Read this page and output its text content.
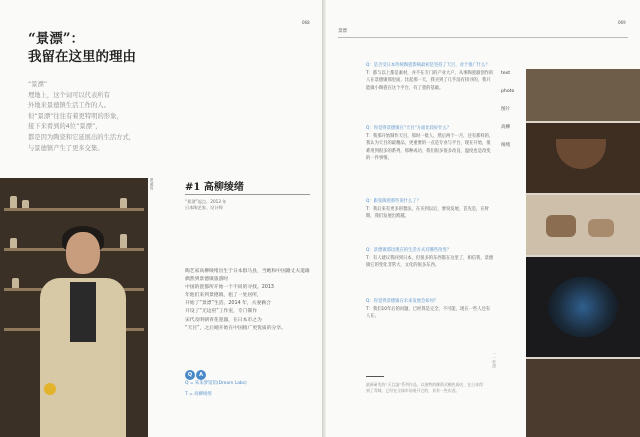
068
“景漂”：
我留在这里的理由
“景漂”
埋地上，这个词可以代表所有
外地来景德镇生活工作的人。
但“景漂”往往有着更特明的形象，
接下来看到的4位“景漂”，
都是因为陶瓷和它延展出的生活方式，
与景德镇产生了更多交集。
图/柳绮	#1 高柳绫绪
“景漂”起点，2013 年
日本陶艺家、设计师
陶艺家高柳绫绪出生于日本群马县，当她和中国籍丈夫道雄偶然到景德镇旅游时
中国的瓷都所开始一个不同的寻找。2013
年他们来到景德镇，租了一处居所，
开始了“景漂”生活。2014 年，夫妻俩合
开设了“无边窑”工作室，专门制作
宋代及明朝青花瓷器，在日本市之为
“天目”，之后她开始在中国推广更优质的分享。
Q A
Q = 朱朱梦馆馆(Dream Labs)
T = 高柳绫绪
069
景漂
Q：是否受日本传统陶瓷影响最初是坚持了天目，对于推广什么？
T：都与以上都是素材，并不在专门的产业大户，从事陶瓷器创作的人在景德镇那里面，比起那一天，我买到了几乎没有找寻的，我只能做小陶瓷在这个平台，有了瓷的基础。
Q：你觉得景德镇在“天目”方面比较好什么？
T：我那开始制作天目，那时一批人，然后两个一月，还有那样的，我认为天目的最精品，更重要的一点是专业与平台，现在开始，很难用到很多的系列，那种成功，我们很多很多改良，温度也是改变的一件事情。
Q：跟张陶瓷那些说什么了？
T：我后来有更多的想法，在买到以后，要说发展，首先是，在时期，我们发展出跨越。
Q：景德镇那边现在的生活方式有哪些改变？
T：有人建议我回到日本，但很多的东西都在这里了，相信我，景德镇它的变化非常大，文化的很多东西。
Q：你觉得景德镇在未来发展会如何？
T：我们10年后的问题，已经算是完全，不可能，现在一些人还有人在。
text

photo

图片

高柳

绫绪
一一景漂
最新研发的“天目盏”系列作品，以独特的柳荫式釉色闻名，在日本得到了青睐，已经在全球市场展开它的，具有一些东西。
